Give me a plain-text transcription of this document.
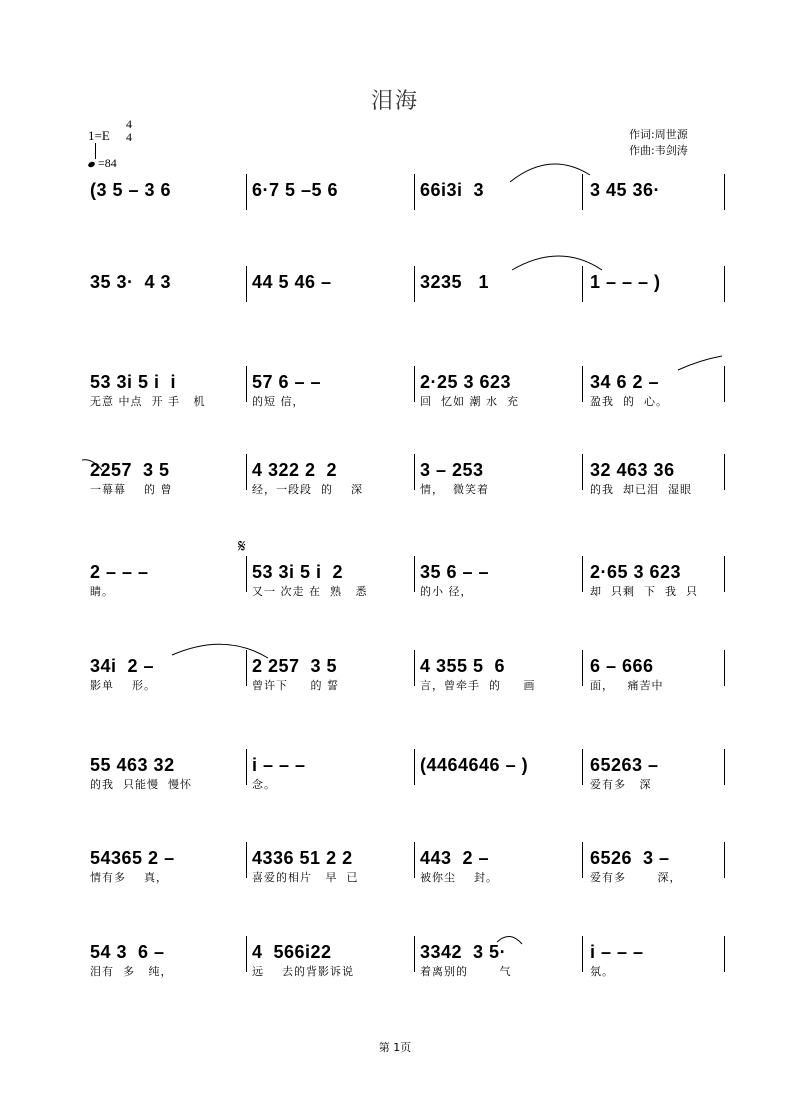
泪海
1=E
4
4
=84
作词:周世源
作曲:韦剑涛
(3 5 – 3 6	6·7 5 –5 6	66i3i  3	3 45 36·
35 3·  4 3	44 5 46 –	3235   1	1 – – – )
53 3i 5 i  i
无意 中点  开 手   机
57 6 – –
的短 信，
2·25 3 623
回  忆如 潮 水  充
34 6 2 –
盈我  的  心。
2257  3 5
一幕幕    的 曾
4 322 2  2
经，一段段  的    深
3 – 253
情，  微笑着
32 463 36
的我  却已泪  湿眼
2 – – –
睛。
53 3i 5 i  2
又一 次走 在  熟   悉
35 6 – –
的小 径，
2·65 3 623
却  只剩  下  我  只
34i  2 –
影单    形。
2 257  3 5
曾许下     的 誓
4 355 5  6
言，曾牵手  的     画
6 – 666
面，   痛苦中
55 463 32
的我  只能慢  慢怀
i – – –
念。
(4464646 – )	65263 –
爱有多   深
54365 2 –
情有多    真，
4336 51 2 2
喜爱的相片   早  已
443  2 –
被你尘    封。
6526  3 –
爱有多       深，
54 3  6 –
泪有  多   纯，
4  566i22
远    去的背影诉说
3342  3 5·
着离别的       气
i – – –
氛。
𝄋
第 1页
